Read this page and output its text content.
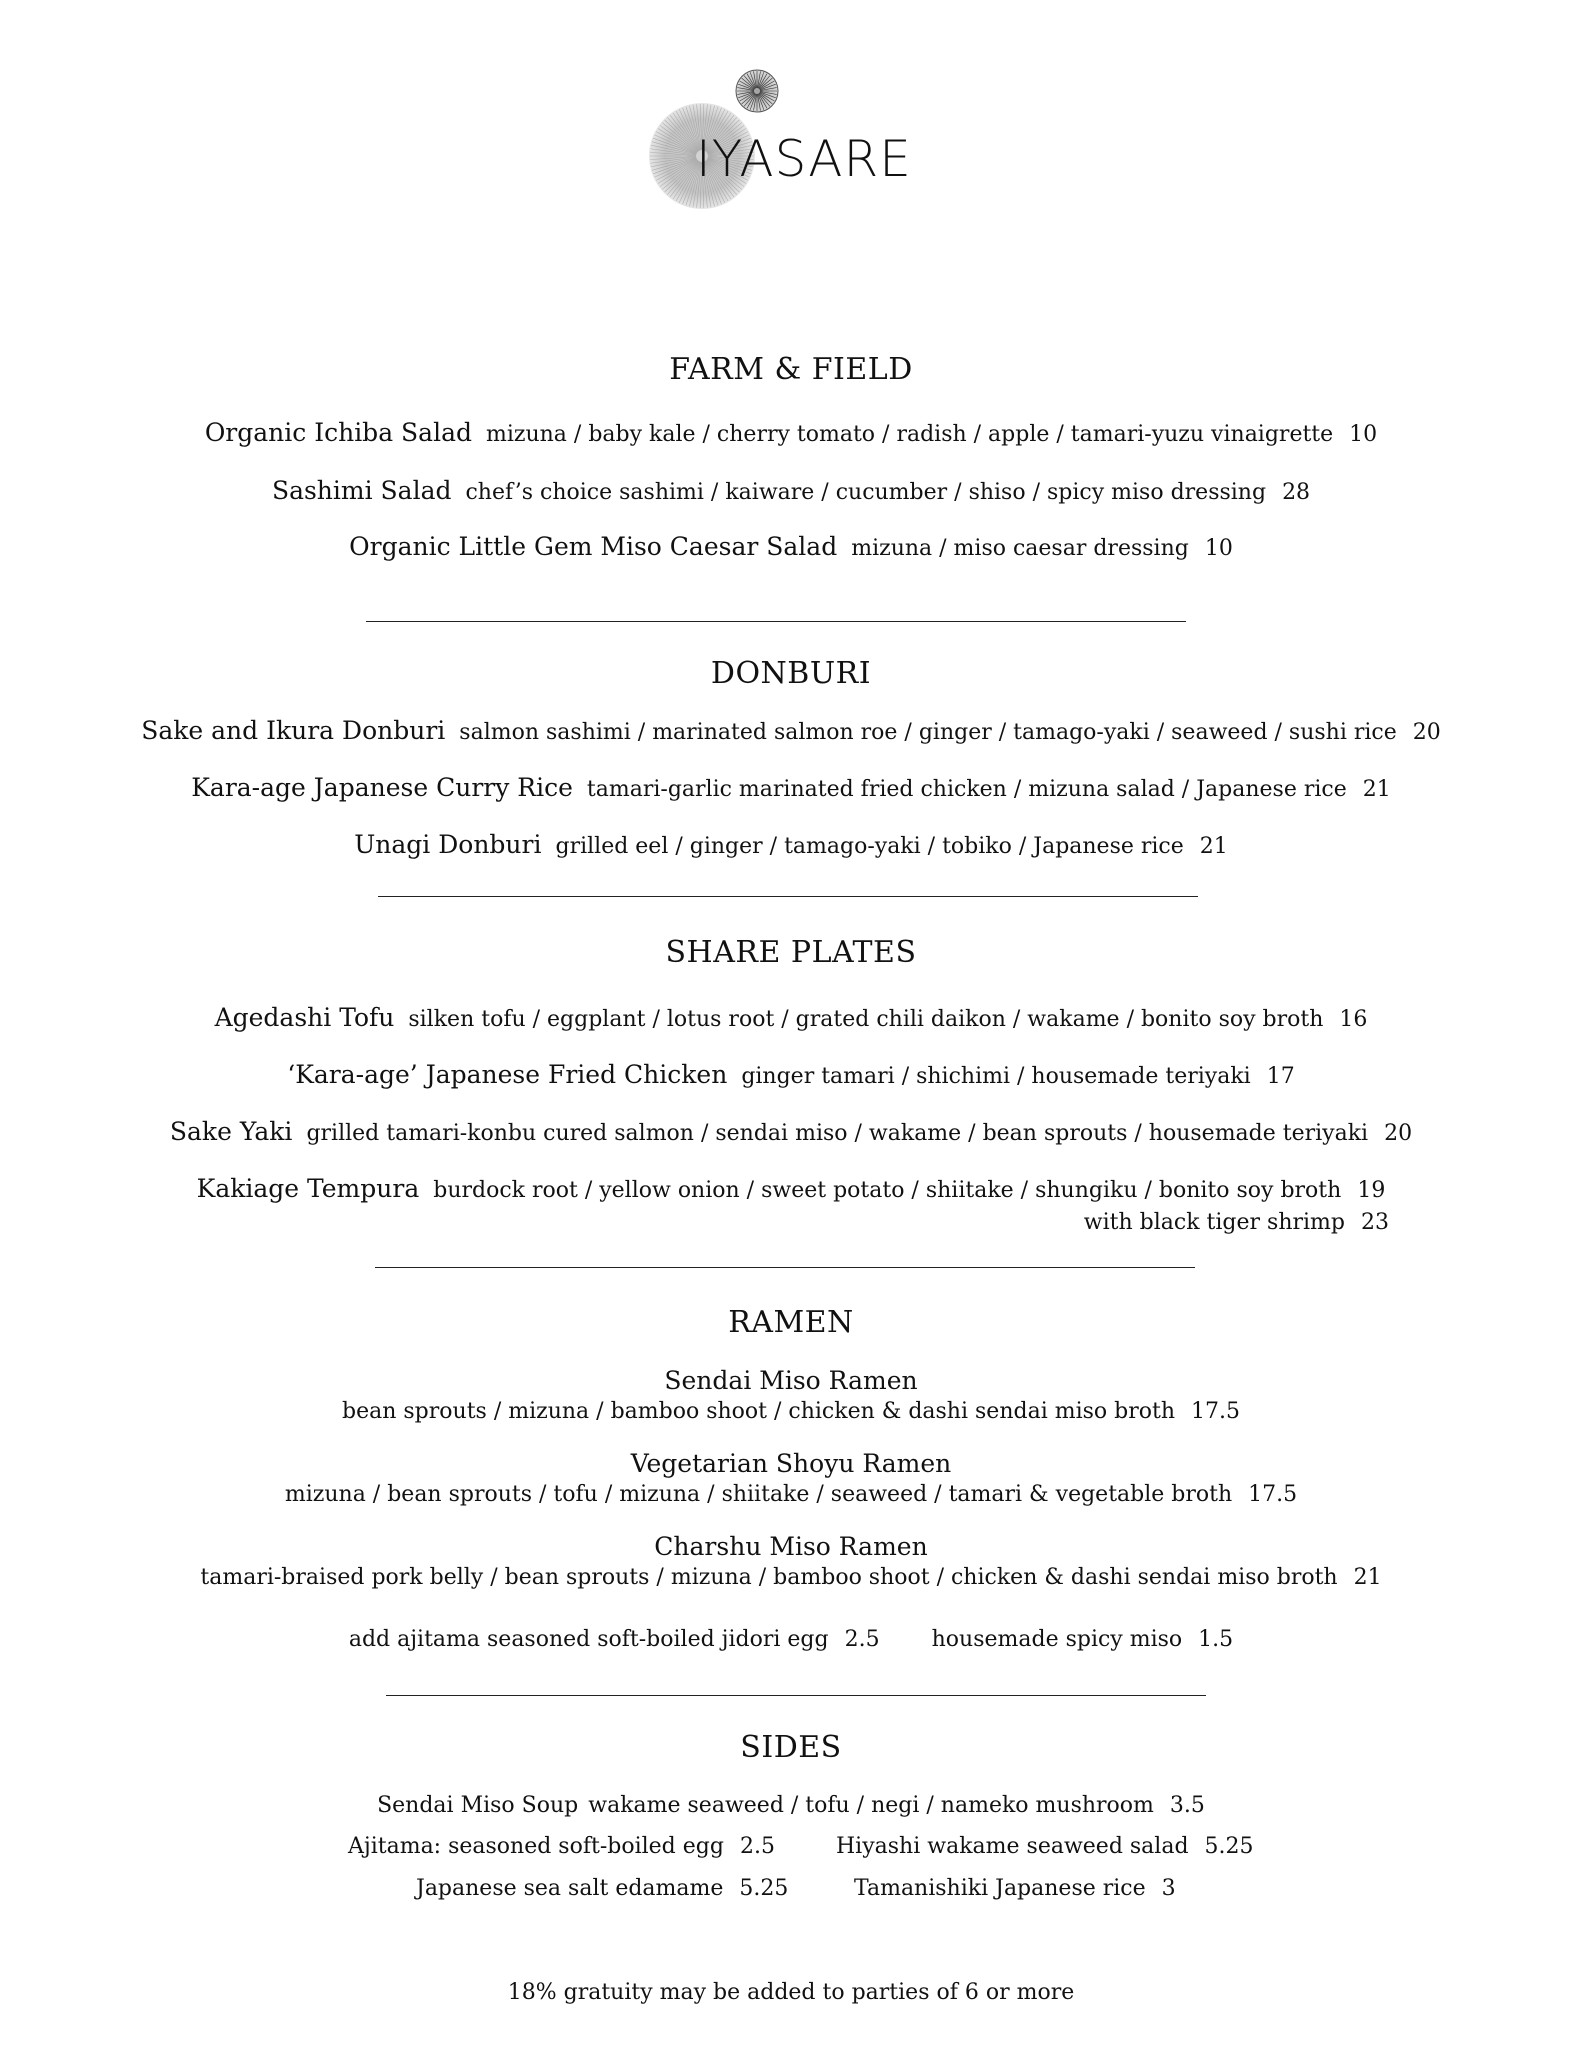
IYASARE
FARM & FIELD
Organic Ichiba Salad mizuna / baby kale / cherry tomato / radish / apple / tamari-yuzu vinaigrette 10
Sashimi Salad chef’s choice sashimi / kaiware / cucumber / shiso / spicy miso dressing 28
Organic Little Gem Miso Caesar Salad mizuna / miso caesar dressing 10
DONBURI
Sake and Ikura Donburi salmon sashimi / marinated salmon roe / ginger / tamago-yaki / seaweed / sushi rice 20
Kara-age Japanese Curry Rice tamari-garlic marinated fried chicken / mizuna salad / Japanese rice 21
Unagi Donburi grilled eel / ginger / tamago-yaki / tobiko / Japanese rice 21
SHARE PLATES
Agedashi Tofu silken tofu / eggplant / lotus root / grated chili daikon / wakame / bonito soy broth 16
‘Kara-age’ Japanese Fried Chicken ginger tamari / shichimi / housemade teriyaki 17
Sake Yaki grilled tamari-konbu cured salmon / sendai miso / wakame / bean sprouts / housemade teriyaki 20
Kakiage Tempura burdock root / yellow onion / sweet potato / shiitake / shungiku / bonito soy broth 19
with black tiger shrimp 23
RAMEN
Sendai Miso Ramen
bean sprouts / mizuna / bamboo shoot / chicken & dashi sendai miso broth 17.5
Vegetarian Shoyu Ramen
mizuna / bean sprouts / tofu / mizuna / shiitake / seaweed / tamari & vegetable broth 17.5
Charshu Miso Ramen
tamari-braised pork belly / bean sprouts / mizuna / bamboo shoot / chicken & dashi sendai miso broth 21
add ajitama seasoned soft-boiled jidori egg 2.5 housemade spicy miso 1.5
SIDES
Sendai Miso Soup wakame seaweed / tofu / negi / nameko mushroom 3.5
Ajitama: seasoned soft-boiled egg 2.5	Hiyashi wakame seaweed salad 5.25
Japanese sea salt edamame 5.25	Tamanishiki Japanese rice 3
18% gratuity may be added to parties of 6 or more
